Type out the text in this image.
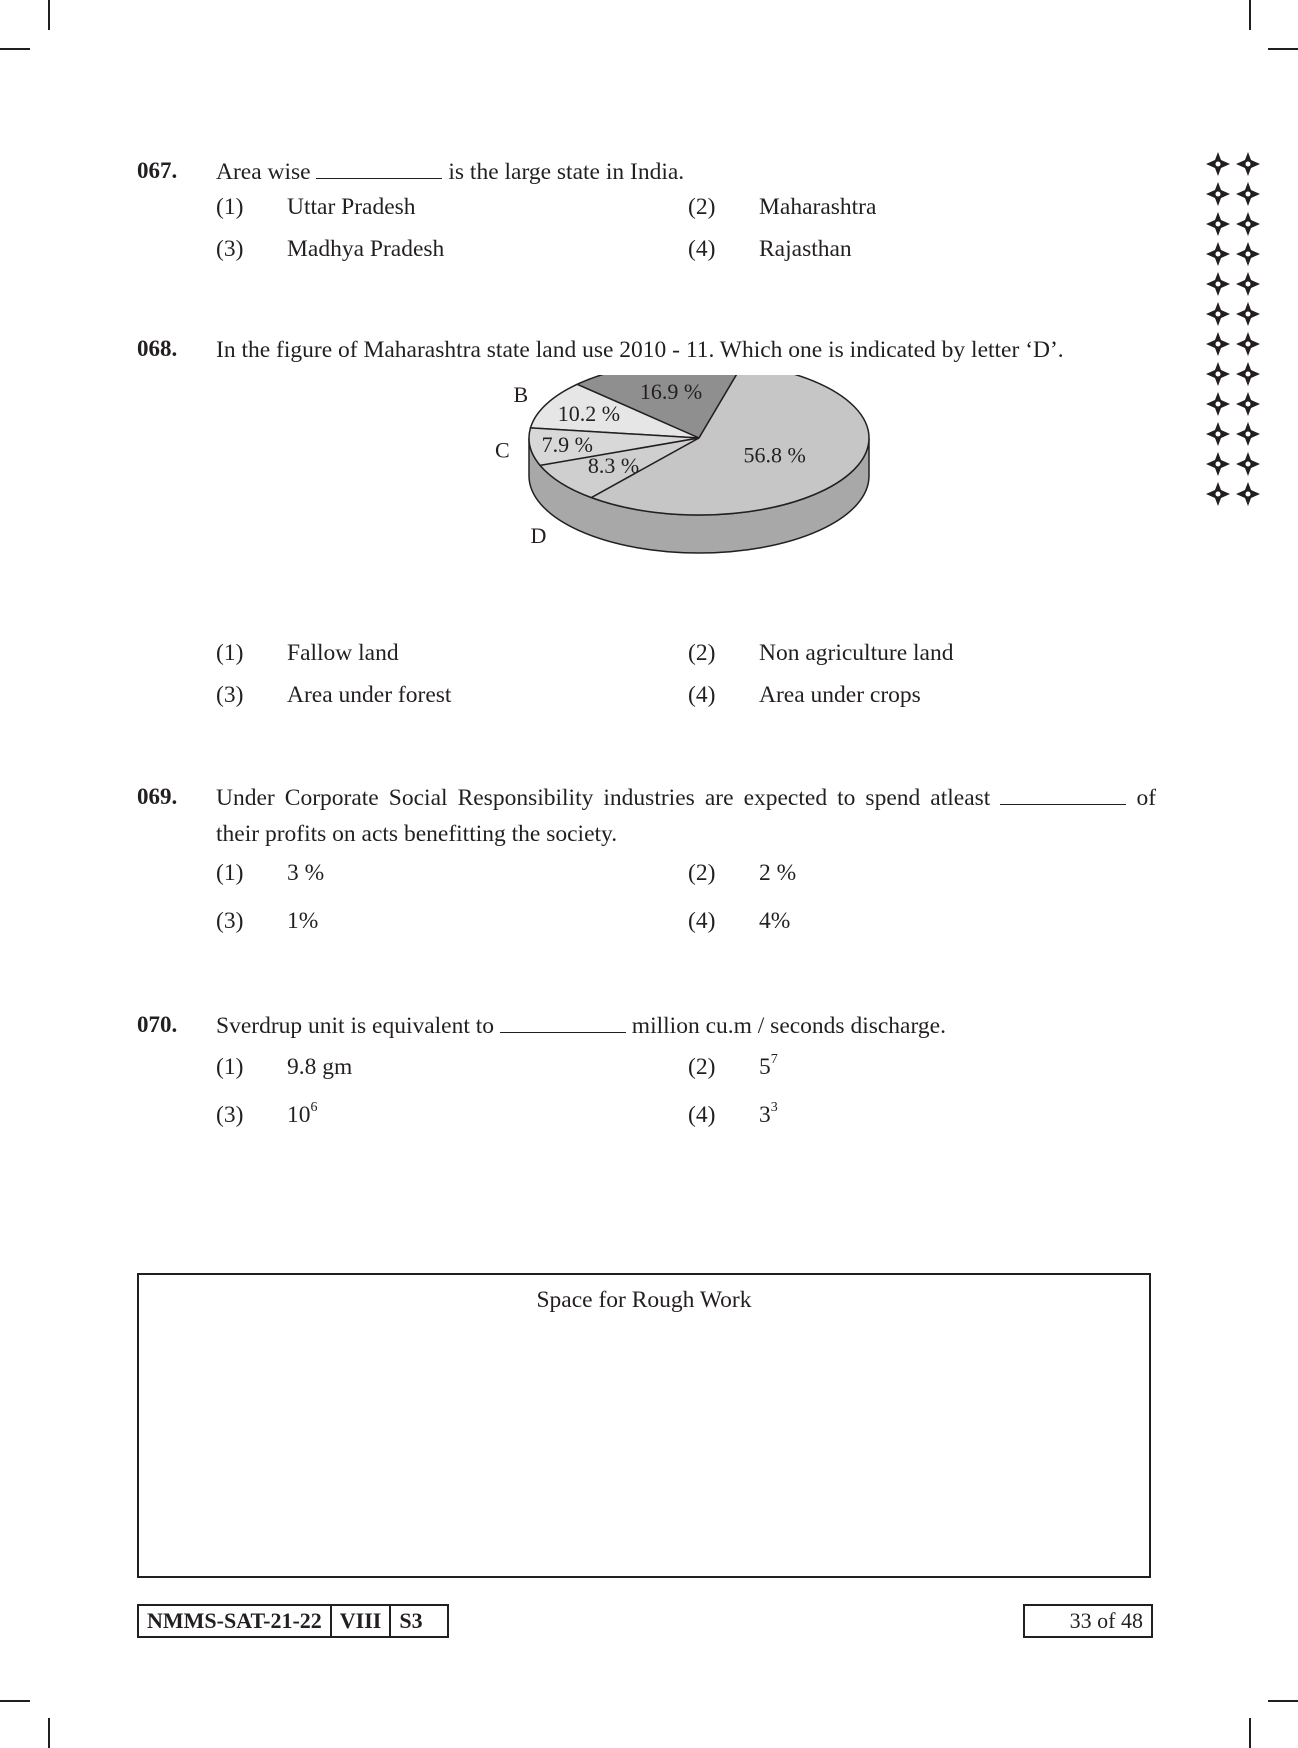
067. Area wise	is the large state in India.
(1) Uttar Pradesh	(2) Maharashtra
(3) Madhya Pradesh	(4) Rajasthan
068. In the figure of Maharashtra state land use 2010 - 11. Which one is indicated by letter ‘D’.
16.9 %
10.2 %
7.9 %
8.3 %	56.8 %
B
C
D
(1) Fallow land	(2) Non agriculture land
(3) Area under forest	(4) Area under crops
069. Under Corporate Social Responsibility industries are expected to spend atleast	of their profits on acts benefitting the society.
(1) 3 %	(2) 2 %
(3) 1%	(4) 4%
070. Sverdrup unit is equivalent to	million cu.m / seconds discharge.
(1) 9.8 gm	(2) $5^7$
(3) $10^6$	(4) $3^3$
Space for Rough Work
NMMS-SAT-21-22 VIII S3	33 of 48
